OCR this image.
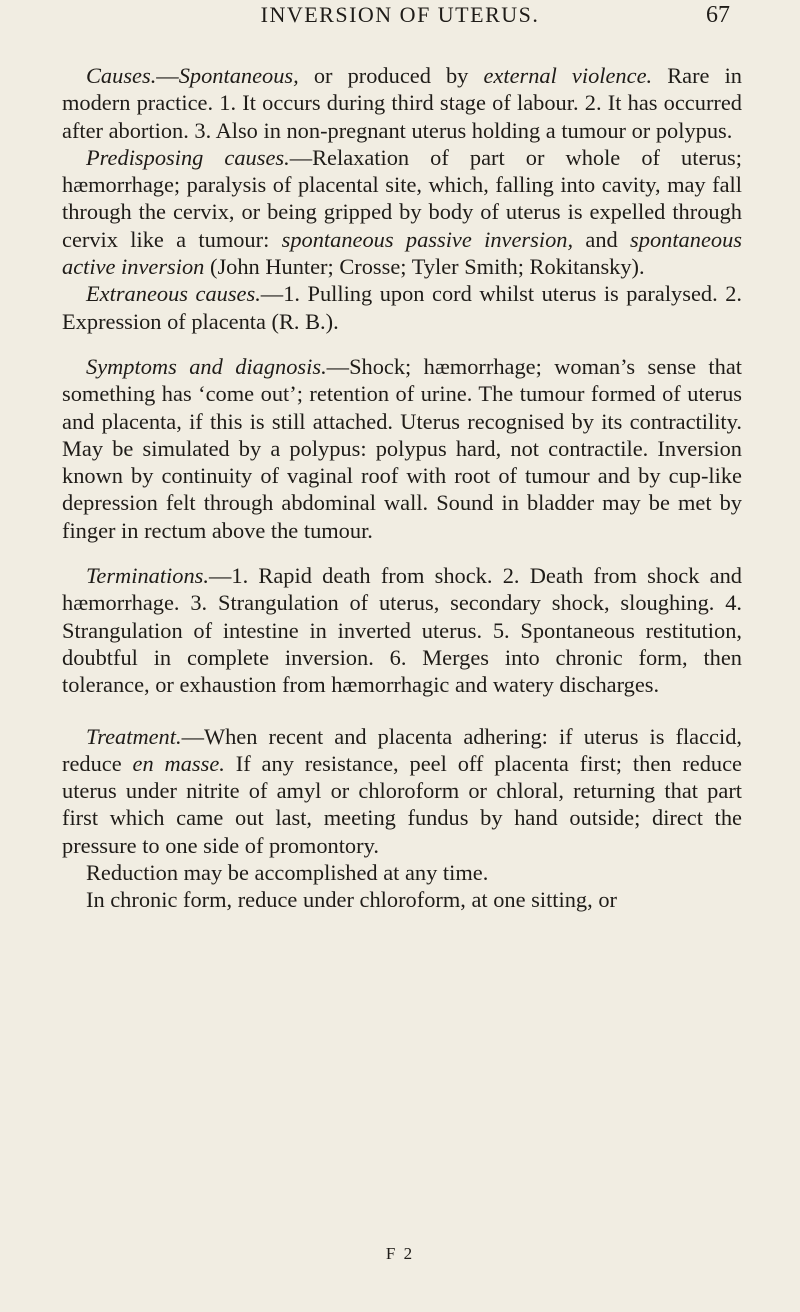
INVERSION OF UTERUS.	67

Causes.—Spontaneous, or produced by external violence. Rare in modern practice. 1. It occurs during third stage of labour. 2. It has occurred after abortion. 3. Also in non-pregnant uterus holding a tumour or polypus.

Predisposing causes.—Relaxation of part or whole of uterus; hæmorrhage; paralysis of placental site, which, falling into cavity, may fall through the cervix, or being gripped by body of uterus is expelled through cervix like a tumour: spontaneous passive inversion, and spontaneous active inversion (John Hunter; Crosse; Tyler Smith; Rokitansky).

Extraneous causes.—1. Pulling upon cord whilst uterus is paralysed. 2. Expression of placenta (R. B.).

Symptoms and diagnosis.—Shock; hæmorrhage; woman’s sense that something has ‘come out’; retention of urine. The tumour formed of uterus and placenta, if this is still attached. Uterus recognised by its contractility. May be simulated by a polypus: polypus hard, not contractile. Inversion known by continuity of vaginal roof with root of tumour and by cup-like depression felt through abdominal wall. Sound in bladder may be met by finger in rectum above the tumour.

Terminations.—1. Rapid death from shock. 2. Death from shock and hæmorrhage. 3. Strangulation of uterus, secondary shock, sloughing. 4. Strangulation of intestine in inverted uterus. 5. Spontaneous restitution, doubtful in complete inversion. 6. Merges into chronic form, then tolerance, or exhaustion from hæmorrhagic and watery discharges.

Treatment.—When recent and placenta adhering: if uterus is flaccid, reduce en masse. If any resistance, peel off placenta first; then reduce uterus under nitrite of amyl or chloroform or chloral, returning that part first which came out last, meeting fundus by hand outside; direct the pressure to one side of promontory.

Reduction may be accomplished at any time.

In chronic form, reduce under chloroform, at one sitting, or

F 2
